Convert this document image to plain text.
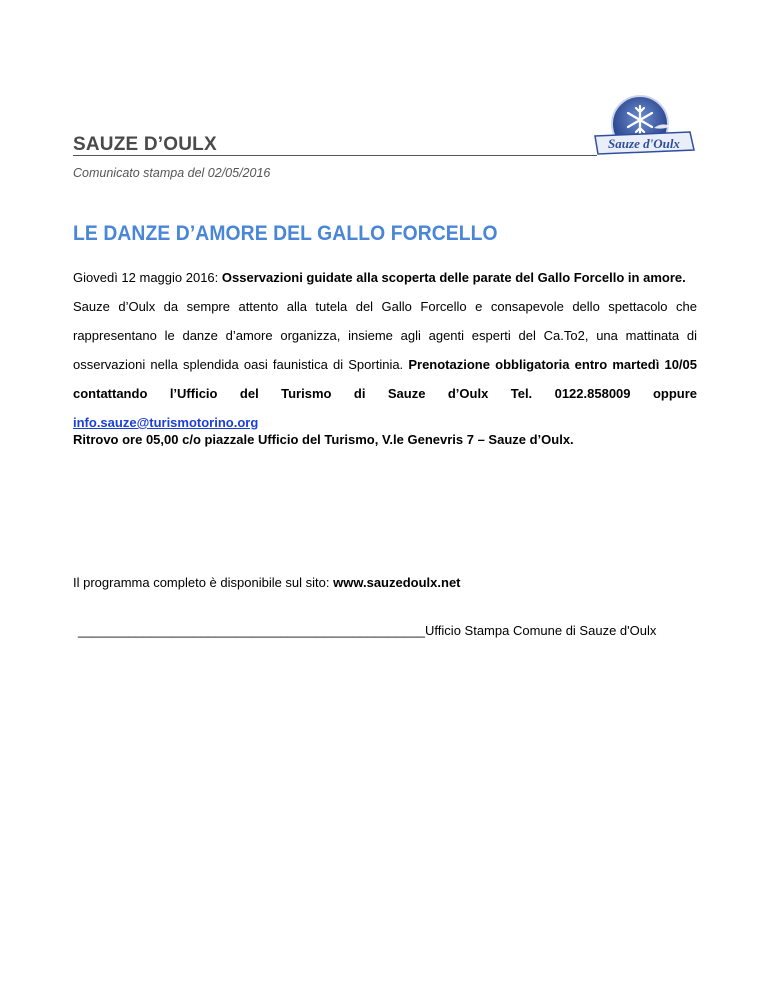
SAUZE D’OULX
Comunicato stampa del 02/05/2016
Sauze d'Oulx
LE DANZE D’AMORE DEL GALLO FORCELLO

Giovedì 12 maggio 2016: Osservazioni guidate alla scoperta delle parate del Gallo Forcello in amore.

Sauze d’Oulx da sempre attento alla tutela del Gallo Forcello e consapevole dello spettacolo che rappresentano le danze d’amore organizza, insieme agli agenti esperti del Ca.To2, una mattinata di osservazioni nella splendida oasi faunistica di Sportinia. Prenotazione obbligatoria entro martedì 10/05 contattando l’Ufficio del Turismo di Sauze d’Oulx Tel. 0122.858009 oppure

info.sauze@turismotorino.org

Ritrovo ore 05,00 c/o piazzale Ufficio del Turismo, V.le Genevris 7 – Sauze d’Oulx.
Il programma completo è disponibile sul sito: www.sauzedoulx.net
________________________________________________Ufficio Stampa Comune di Sauze d'Oulx
